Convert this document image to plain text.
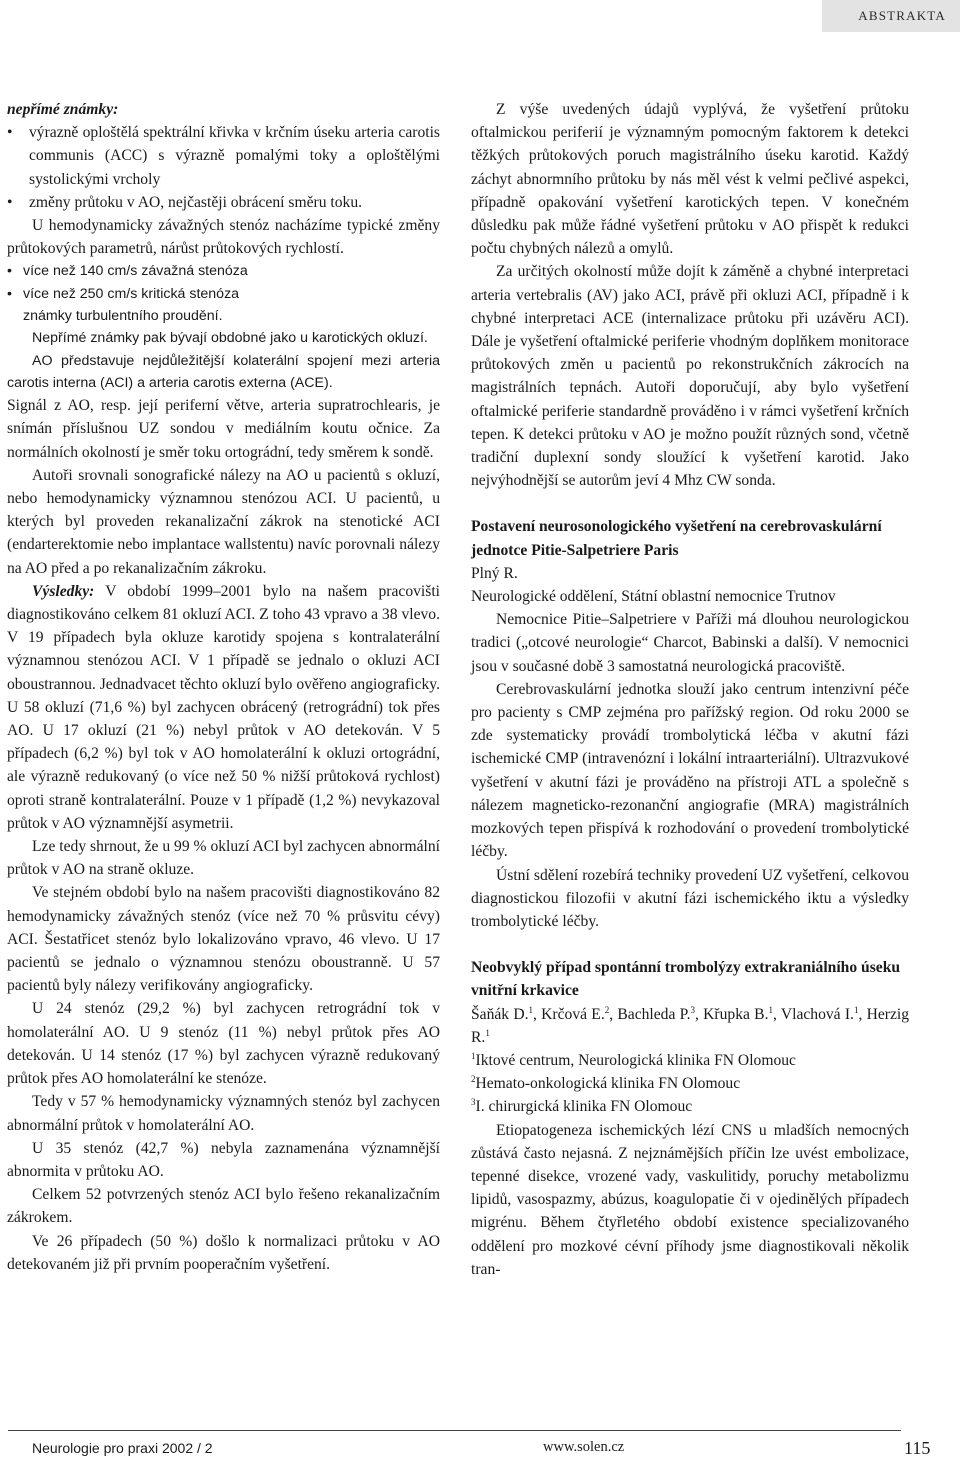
ABSTRAKTA

nepřímé známky:

• výrazně oploštělá spektrální křivka v krčním úseku arteria carotis communis (ACC) s výrazně pomalými toky a oploštělými systolickými vrcholy
• změny průtoku v AO, nejčastěji obrácení směru toku.

U hemodynamicky závažných stenóz nacházíme typické změny průtokových parametrů, nárůst průtokových rychlostí.

• více než 140 cm/s závažná stenóza
• více než 250 cm/s kritická stenóza
známky turbulentního proudění.

Nepřímé známky pak bývají obdobné jako u karotických okluzí.

AO představuje nejdůležitější kolaterální spojení mezi arteria carotis interna (ACI) a arteria carotis externa (ACE).

Signál z AO, resp. její periferní větve, arteria supratrochlearis, je snímán příslušnou UZ sondou v mediálním koutu očnice. Za normálních okolností je směr toku ortográdní, tedy směrem k sondě.

Autoři srovnali sonografické nálezy na AO u pacientů s okluzí, nebo hemodynamicky významnou stenózou ACI. U pacientů, u kterých byl proveden rekanalizační zákrok na stenotické ACI (endarterektomie nebo implantace wallstentu) navíc porovnali nálezy na AO před a po rekanalizačním zákroku.

Výsledky: V období 1999–2001 bylo na našem pracovišti diagnostikováno celkem 81 okluzí ACI. Z toho 43 vpravo a 38 vlevo. V 19 případech byla okluze karotidy spojena s kontralaterální významnou stenózou ACI. V 1 případě se jednalo o okluzi ACI oboustrannou. Jednadvacet těchto okluzí bylo ověřeno angiograficky. U 58 okluzí (71,6 %) byl zachycen obrácený (retrográdní) tok přes AO. U 17 okluzí (21 %) nebyl průtok v AO detekován. V 5 případech (6,2 %) byl tok v AO homolaterální k okluzi ortográdní, ale výrazně redukovaný (o více než 50 % nižší průtoková rychlost) oproti straně kontralaterální. Pouze v 1 případě (1,2 %) nevykazoval průtok v AO významnější asymetrii.

Lze tedy shrnout, že u 99 % okluzí ACI byl zachycen abnormální průtok v AO na straně okluze.

Ve stejném období bylo na našem pracovišti diagnostikováno 82 hemodynamicky závažných stenóz (více než 70 % průsvitu cévy) ACI. Šestatřicet stenóz bylo lokalizováno vpravo, 46 vlevo. U 17 pacientů se jednalo o významnou stenózu oboustranně. U 57 pacientů byly nálezy verifikovány angiograficky.

U 24 stenóz (29,2 %) byl zachycen retrográdní tok v homolaterální AO. U 9 stenóz (11 %) nebyl průtok přes AO detekován. U 14 stenóz (17 %) byl zachycen výrazně redukovaný průtok přes AO homolaterální ke stenóze.

Tedy v 57 % hemodynamicky významných stenóz byl zachycen abnormální průtok v homolaterální AO.

U 35 stenóz (42,7 %) nebyla zaznamenána významnější abnormita v průtoku AO.

Celkem 52 potvrzených stenóz ACI bylo řešeno rekanalizačním zákrokem.

Ve 26 případech (50 %) došlo k normalizaci průtoku v AO detekovaném již při prvním pooperačním vyšetření.

Z výše uvedených údajů vyplývá, že vyšetření průtoku oftalmickou periferií je významným pomocným faktorem k detekci těžkých průtokových poruch magistrálního úseku karotid. Každý záchyt abnormního průtoku by nás měl vést k velmi pečlivé aspekci, případně opakování vyšetření karotických tepen. V konečném důsledku pak může řádné vyšetření průtoku v AO přispět k redukci počtu chybných nálezů a omylů.

Za určitých okolností může dojít k záměně a chybné interpretaci arteria vertebralis (AV) jako ACI, právě při okluzi ACI, případně i k chybné interpretaci ACE (internalizace průtoku při uzávěru ACI). Dále je vyšetření oftalmické periferie vhodným doplňkem monitorace průtokových změn u pacientů po rekonstrukčních zákrocích na magistrálních tepnách. Autoři doporučují, aby bylo vyšetření oftalmické periferie standardně prováděno i v rámci vyšetření krčních tepen. K detekci průtoku v AO je možno použít různých sond, včetně tradiční duplexní sondy sloužící k vyšetření karotid. Jako nejvýhodnější se autorům jeví 4 Mhz CW sonda.

Postavení neurosonologického vyšetření na cerebrovaskulární jednotce Pitie-Salpetriere Paris

Plný R.

Neurologické oddělení, Státní oblastní nemocnice Trutnov

Nemocnice Pitie–Salpetriere v Paříži má dlouhou neurologickou tradici („otcové neurologie“ Charcot, Babinski a další). V nemocnici jsou v současné době 3 samostatná neurologická pracoviště.

Cerebrovaskulární jednotka slouží jako centrum intenzivní péče pro pacienty s CMP zejména pro pařížský region. Od roku 2000 se zde systematicky provádí trombolytická léčba v akutní fázi ischemické CMP (intravenózní i lokální intraarteriální). Ultrazvukové vyšetření v akutní fázi je prováděno na přístroji ATL a společně s nálezem magneticko-rezonanční angiografie (MRA) magistrálních mozkových tepen přispívá k rozhodování o provedení trombolytické léčby.

Ústní sdělení rozebírá techniky provedení UZ vyšetření, celkovou diagnostickou filozofii v akutní fázi ischemického iktu a výsledky trombolytické léčby.

Neobvyklý případ spontánní trombolýzy extrakraniálního úseku vnitřní krkavice

Šaňák D.$^1$, Krčová E.$^2$, Bachleda P.$^3$, Křupka B.$^1$, Vlachová I.$^1$, Herzig R.$^1$

$^1$Iktové centrum, Neurologická klinika FN Olomouc

$^2$Hemato-onkologická klinika FN Olomouc

$^3$I. chirurgická klinika FN Olomouc

Etiopatogeneza ischemických lézí CNS u mladších nemocných zůstává často nejasná. Z nejznámějších příčin lze uvést embolizace, tepenné disekce, vrozené vady, vaskulitidy, poruchy metabolizmu lipidů, vasospazmy, abúzus, koagulopatie či v ojedinělých případech migrénu. Během čtyřletého období existence specializovaného oddělení pro mozkové cévní příhody jsme diagnostikovali několik tran-

Neurologie pro praxi 2002 / 2	www.solen.cz	115
